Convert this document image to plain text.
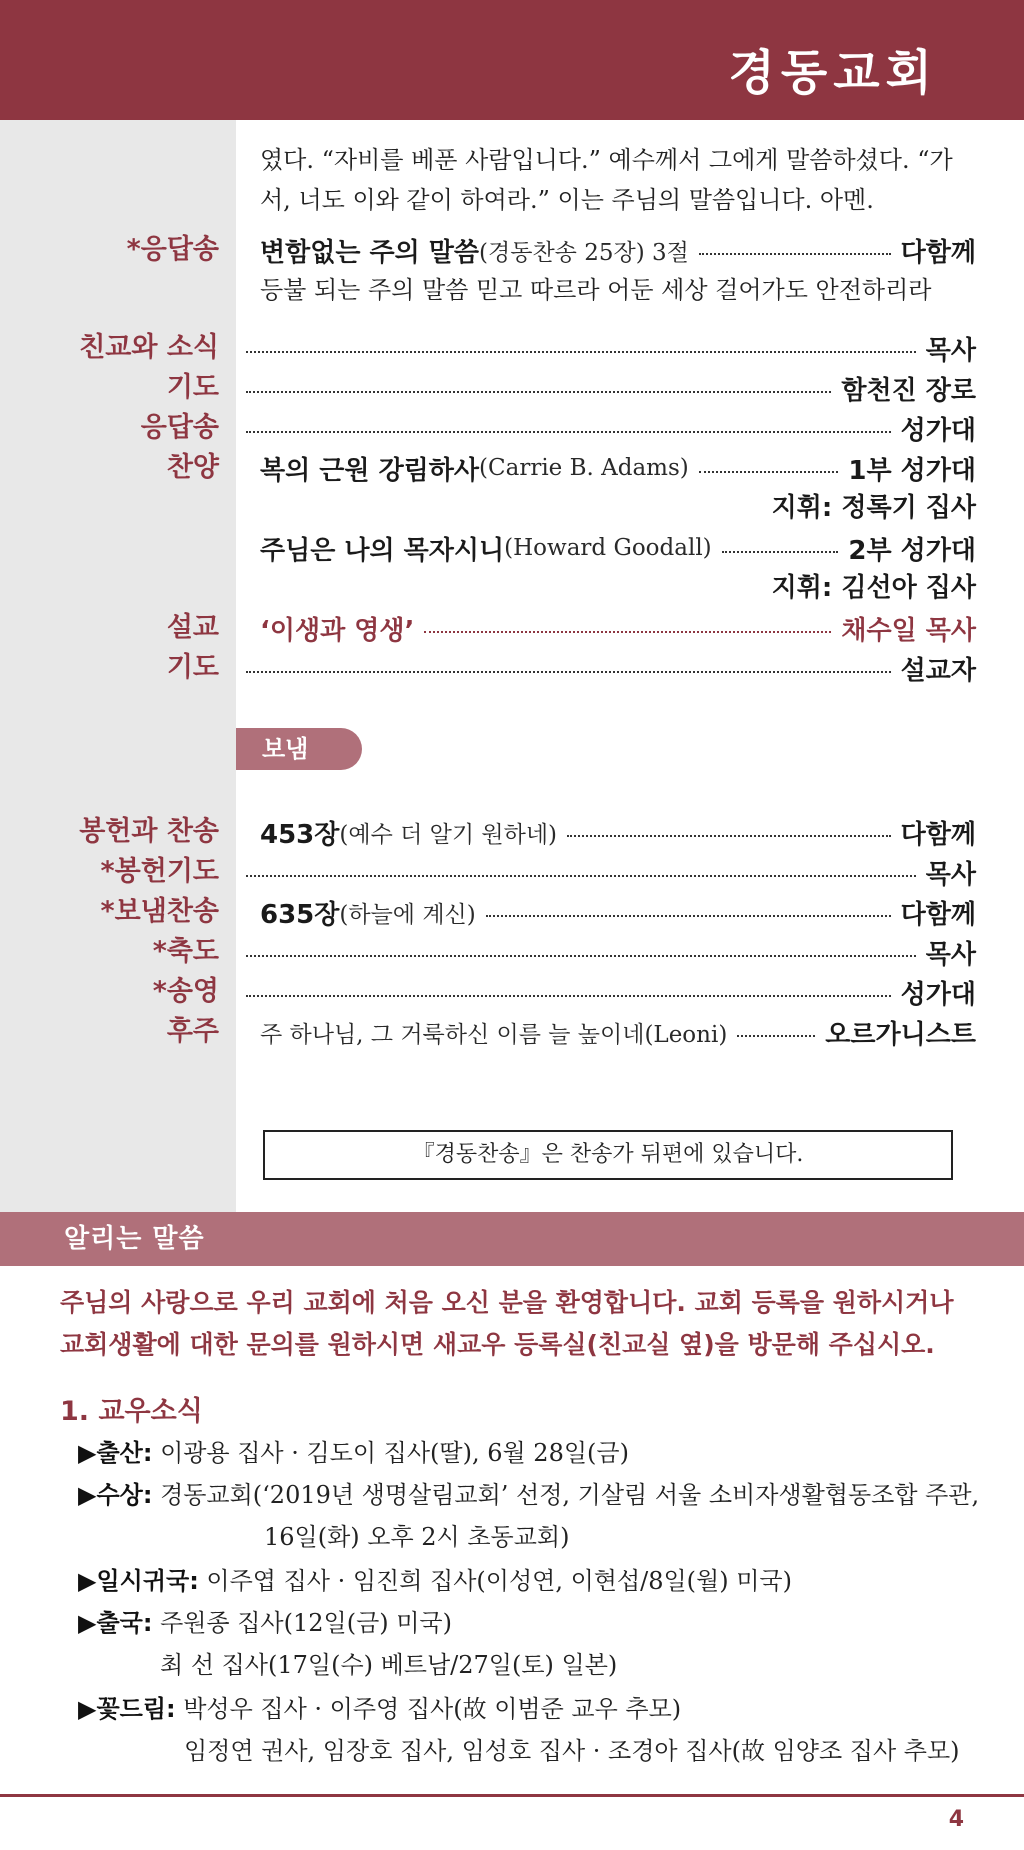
경동교회
였다. “자비를 베푼 사람입니다.” 예수께서 그에게 말씀하셨다. “가
서, 너도 이와 같이 하여라.” 이는 주님의 말씀입니다. 아멘.
*응답송 변함없는 주의 말씀 (경동찬송 25장) 3절	다함께
등불 되는 주의 말씀 믿고 따르라 어둔 세상 걸어가도 안전하리라
친교와 소식	목사
기도	함천진 장로
응답송	성가대
찬양 복의 근원 강림하사 (Carrie B. Adams)	1부 성가대
지휘: 정록기 집사
주님은 나의 목자시니 (Howard Goodall)	2부 성가대
지휘: 김선아 집사
설교 ‘이생과 영생’	채수일 목사
기도	설교자
보냄
봉헌과 찬송 453장 (예수 더 알기 원하네)	다함께
*봉헌기도	목사
*보냄찬송 635장 (하늘에 계신)	다함께
*축도	목사
*송영	성가대
후주 주 하나님, 그 거룩하신 이름 늘 높이네(Leoni)	오르가니스트
『경동찬송』은 찬송가 뒤편에 있습니다.
알리는 말씀
주님의 사랑으로 우리 교회에 처음 오신 분을 환영합니다. 교회 등록을 원하시거나
교회생활에 대한 문의를 원하시면 새교우 등록실(친교실 옆)을 방문해 주십시오.
1. 교우소식
▶출산: 이광용 집사 · 김도이 집사(딸), 6월 28일(금)
▶수상: 경동교회(‘2019년 생명살림교회’ 선정, 기살림 서울 소비자생활협동조합 주관,
16일(화) 오후 2시 초동교회)
▶일시귀국: 이주엽 집사 · 임진희 집사(이성연, 이현섭/8일(월) 미국)
▶출국: 주원종 집사(12일(금) 미국)
최 선 집사(17일(수) 베트남/27일(토) 일본)
▶꽃드림: 박성우 집사 · 이주영 집사(故 이범준 교우 추모)
임정연 권사, 임장호 집사, 임성호 집사 · 조경아 집사(故 임양조 집사 추모)
4
